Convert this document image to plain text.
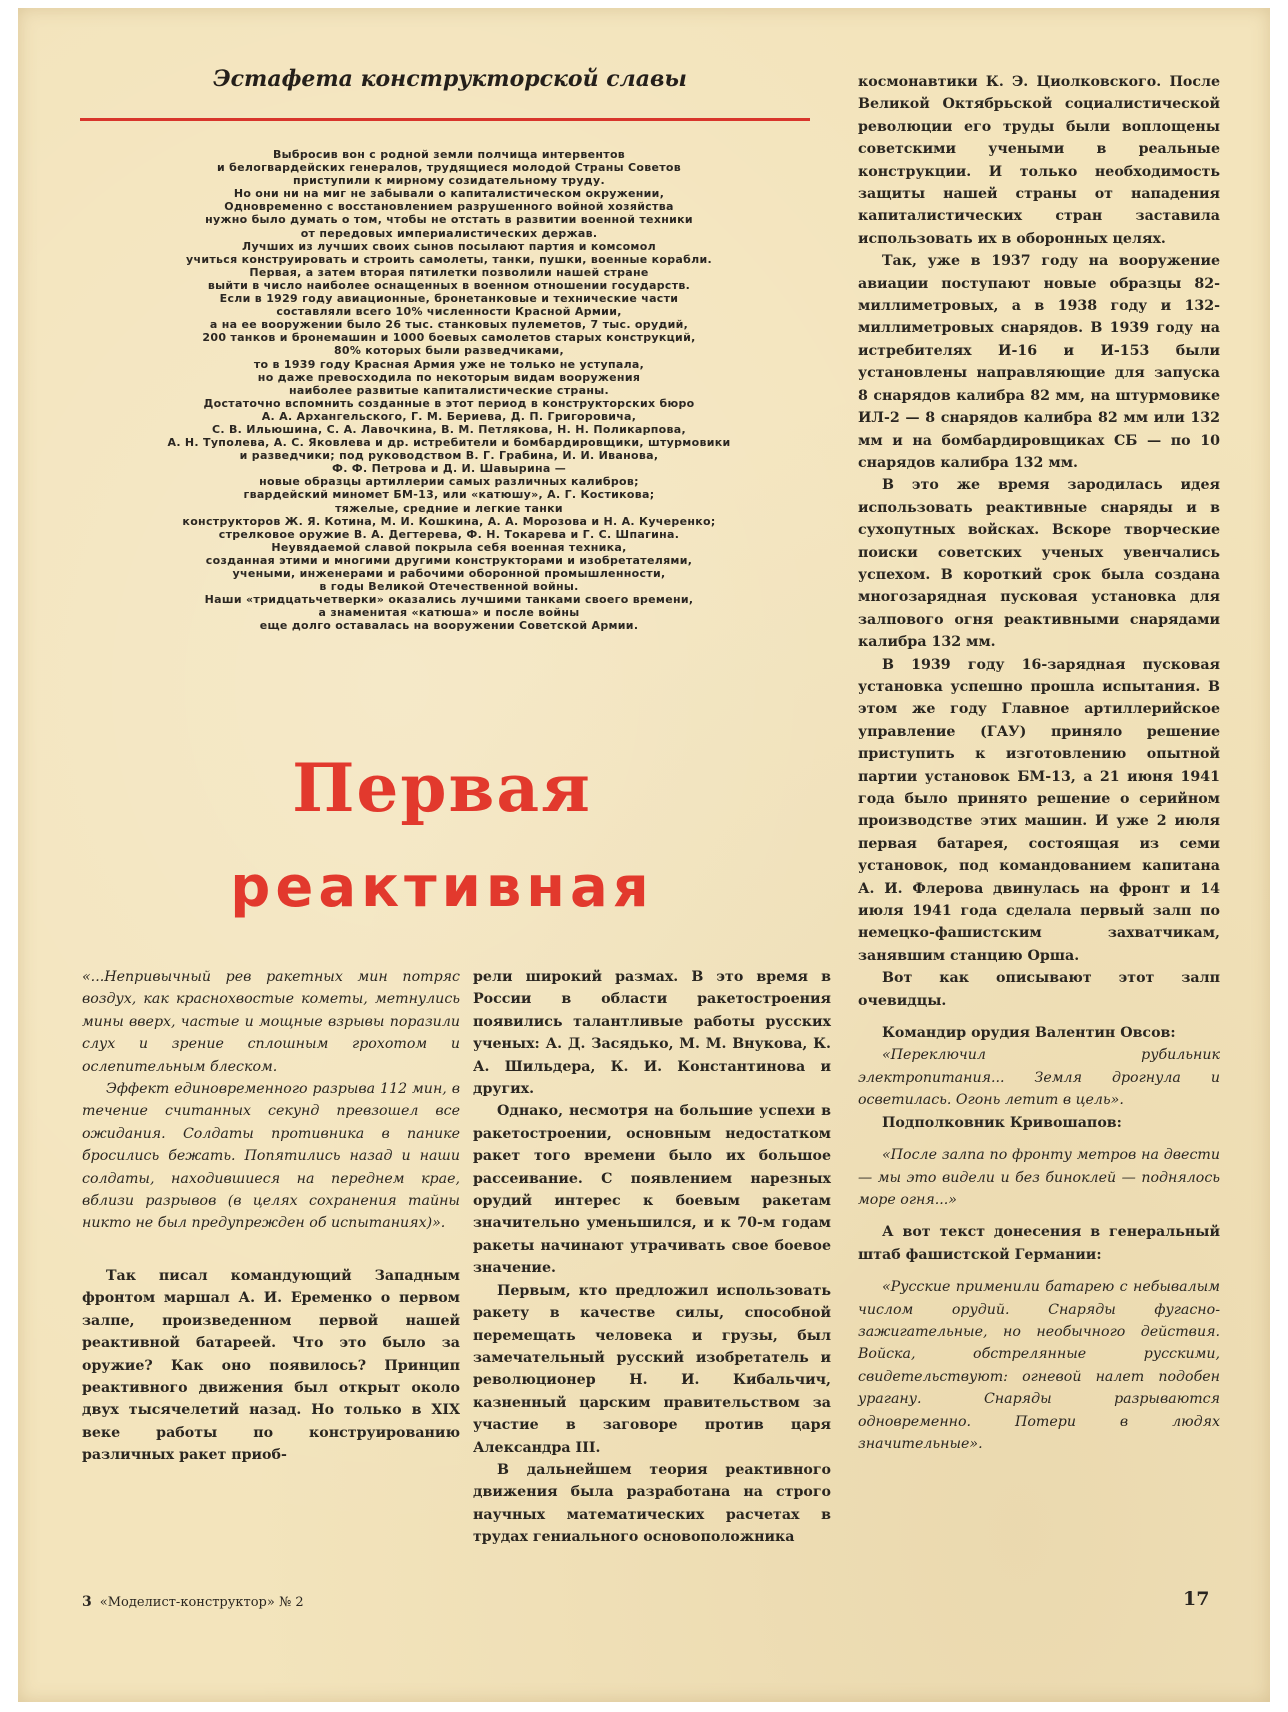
Эстафета конструкторской славы

Выбросив вон с родной земли полчища интервентов

и белогвардейских генералов, трудящиеся молодой Страны Советов

приступили к мирному созидательному труду.

Но они ни на миг не забывали о капиталистическом окружении,

Одновременно с восстановлением разрушенного войной хозяйства

нужно было думать о том, чтобы не отстать в развитии военной техники

от передовых империалистических держав.

Лучших из лучших своих сынов посылают партия и комсомол

учиться конструировать и строить самолеты, танки, пушки, военные корабли.

Первая, а затем вторая пятилетки позволили нашей стране

выйти в число наиболее оснащенных в военном отношении государств.

Если в 1929 году авиационные, бронетанковые и технические части

составляли всего 10% численности Красной Армии,

а на ее вооружении было 26 тыс. станковых пулеметов, 7 тыс. орудий,

200 танков и бронемашин и 1000 боевых самолетов старых конструкций,

80% которых были разведчиками,

то в 1939 году Красная Армия уже не только не уступала,

но даже превосходила по некоторым видам вооружения

наиболее развитые капиталистические страны.

Достаточно вспомнить созданные в этот период в конструкторских бюро

А. А. Архангельского, Г. М. Бериева, Д. П. Григоровича,

С. В. Ильюшина, С. А. Лавочкина, В. М. Петлякова, Н. Н. Поликарпова,

А. Н. Туполева, А. С. Яковлева и др. истребители и бомбардировщики, штурмовики

и разведчики; под руководством В. Г. Грабина, И. И. Иванова,

Ф. Ф. Петрова и Д. И. Шавырина —

новые образцы артиллерии самых различных калибров;

гвардейский миномет БМ-13, или «катюшу», А. Г. Костикова;

тяжелые, средние и легкие танки

конструкторов Ж. Я. Котина, М. И. Кошкина, А. А. Морозова и Н. А. Кучеренко;

стрелковое оружие В. А. Дегтерева, Ф. Н. Токарева и Г. С. Шпагина.

Неувядаемой славой покрыла себя военная техника,

созданная этими и многими другими конструкторами и изобретателями,

учеными, инженерами и рабочими оборонной промышленности,

в годы Великой Отечественной войны.

Наши «тридцатьчетверки» оказались лучшими танками своего времени,

а знаменитая «катюша» и после войны

еще долго оставалась на вооружении Советской Армии.

Первая
реактивная

«...Непривычный рев ракетных мин потряс воздух, как краснохвостые кометы, метнулись мины вверх, частые и мощные взрывы поразили слух и зрение сплошным грохотом и ослепительным блеском.

Эффект единовременного разрыва 112 мин, в течение считанных секунд превзошел все ожидания. Солдаты противника в панике бросились бежать. Попятились назад и наши солдаты, находившиеся на переднем крае, вблизи разрывов (в целях сохранения тайны никто не был предупрежден об испытаниях)».

Так писал командующий Западным фронтом маршал А. И. Еременко о первом залпе, произведенном первой нашей реактивной батареей. Что это было за оружие? Как оно появилось? Принцип реактивного движения был открыт около двух тысячелетий назад. Но только в XIX веке работы по конструированию различных ракет приоб-

рели широкий размах. В это время в России в области ракетостроения появились талантливые работы русских ученых: А. Д. Засядько, М. М. Внукова, К. А. Шильдера, К. И. Константинова и других.

Однако, несмотря на большие успехи в ракетостроении, основным недостатком ракет того времени было их большое рассеивание. С появлением нарезных орудий интерес к боевым ракетам значительно уменьшился, и к 70-м годам ракеты начинают утрачивать свое боевое значение.

Первым, кто предложил использовать ракету в качестве силы, способной перемещать человека и грузы, был замечательный русский изобретатель и революционер Н. И. Кибальчич, казненный царским правительством за участие в заговоре против царя Александра III.

В дальнейшем теория реактивного движения была разработана на строго научных математических расчетах в трудах гениального основоположника

космонавтики К. Э. Циолковского. После Великой Октябрьской социалистической революции его труды были воплощены советскими учеными в реальные конструкции. И только необходимость защиты нашей страны от нападения капиталистических стран заставила использовать их в оборонных целях.

Так, уже в 1937 году на вооружение авиации поступают новые образцы 82-миллиметровых, а в 1938 году и 132-миллиметровых снарядов. В 1939 году на истребителях И-16 и И-153 были установлены направляющие для запуска 8 снарядов калибра 82 мм, на штурмовике ИЛ-2 — 8 снарядов калибра 82 мм или 132 мм и на бомбардировщиках СБ — по 10 снарядов калибра 132 мм.

В это же время зародилась идея использовать реактивные снаряды и в сухопутных войсках. Вскоре творческие поиски советских ученых увенчались успехом. В короткий срок была создана многозарядная пусковая установка для залпового огня реактивными снарядами калибра 132 мм.

В 1939 году 16-зарядная пусковая установка успешно прошла испытания. В этом же году Главное артиллерийское управление (ГАУ) приняло решение приступить к изготовлению опытной партии установок БМ-13, а 21 июня 1941 года было принято решение о серийном производстве этих машин. И уже 2 июля первая батарея, состоящая из семи установок, под командованием капитана А. И. Флерова двинулась на фронт и 14 июля 1941 года сделала первый залп по немецко-фашистским захватчикам, занявшим станцию Орша.

Вот как описывают этот залп очевидцы.

Командир орудия Валентин Овсов:

«Переключил рубильник электропитания... Земля дрогнула и осветилась. Огонь летит в цель».

Подполковник Кривошапов:

«После залпа по фронту метров на двести — мы это видели и без биноклей — поднялось море огня...»

А вот текст донесения в генеральный штаб фашистской Германии:

«Русские применили батарею с небывалым числом орудий. Снаряды фугасно-зажигательные, но необычного действия. Войска, обстрелянные русскими, свидетельствуют: огневой налет подобен урагану. Снаряды разрываются одновременно. Потери в людях значительные».

3 «Моделист-конструктор» № 2	17
